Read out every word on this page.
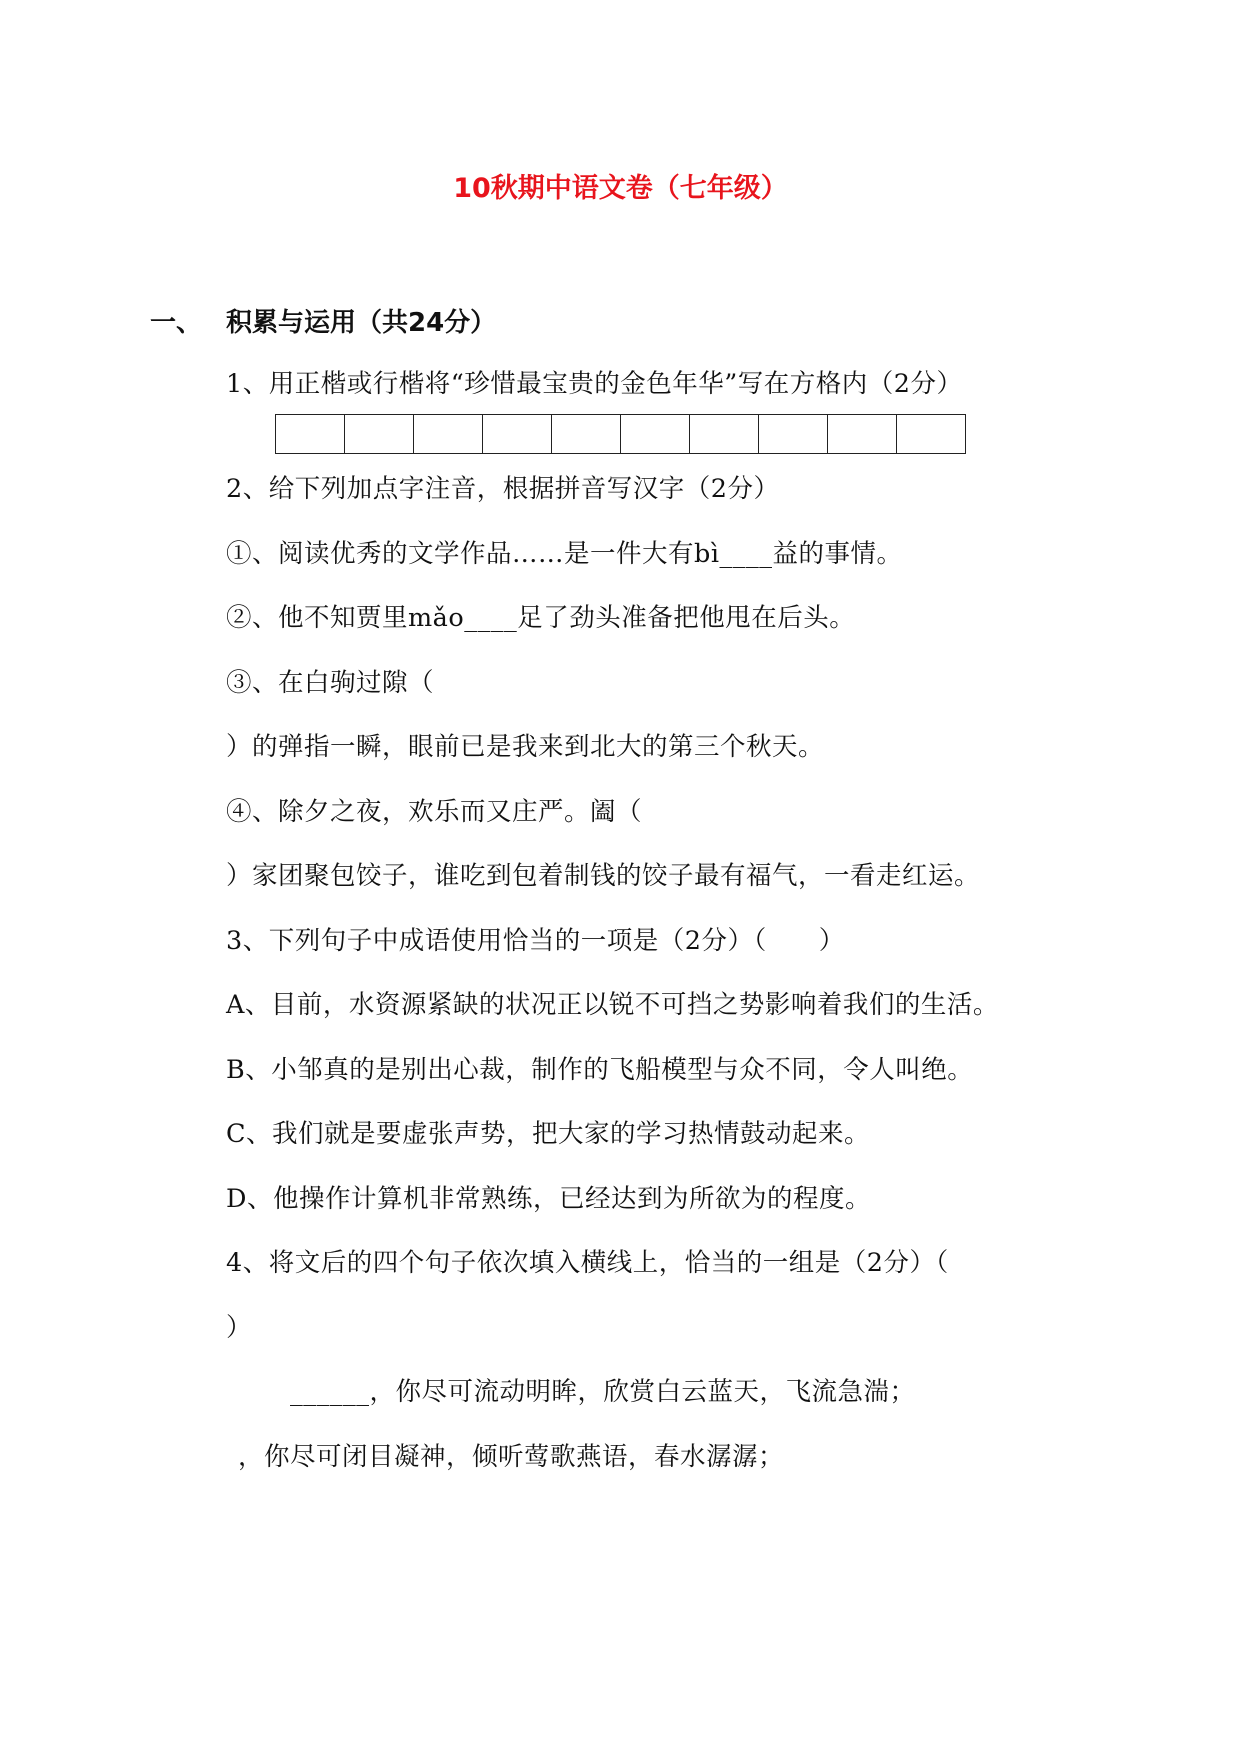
10秋期中语文卷（七年级）
一、 积累与运用（共24分）
1、用正楷或行楷将“珍惜最宝贵的金色年华”写在方格内（2分）
2、给下列加点字注音，根据拼音写汉字（2分）
①、阅读优秀的文学作品……是一件大有bì____益的事情。
②、他不知贾里mǎo____足了劲头准备把他甩在后头。
③、在白驹过隙（
）的弹指一瞬，眼前已是我来到北大的第三个秋天。
④、除夕之夜，欢乐而又庄严。阖（
）家团聚包饺子，谁吃到包着制钱的饺子最有福气，一看走红运。
3、下列句子中成语使用恰当的一项是（2分）（　　）
A、目前，水资源紧缺的状况正以锐不可挡之势影响着我们的生活。
B、小邹真的是别出心裁，制作的飞船模型与众不同，令人叫绝。
C、我们就是要虚张声势，把大家的学习热情鼓动起来。
D、他操作计算机非常熟练，已经达到为所欲为的程度。
4、将文后的四个句子依次填入横线上，恰当的一组是（2分）（
）
______，你尽可流动明眸，欣赏白云蓝天，飞流急湍；
，你尽可闭目凝神，倾听莺歌燕语，春水潺潺；
